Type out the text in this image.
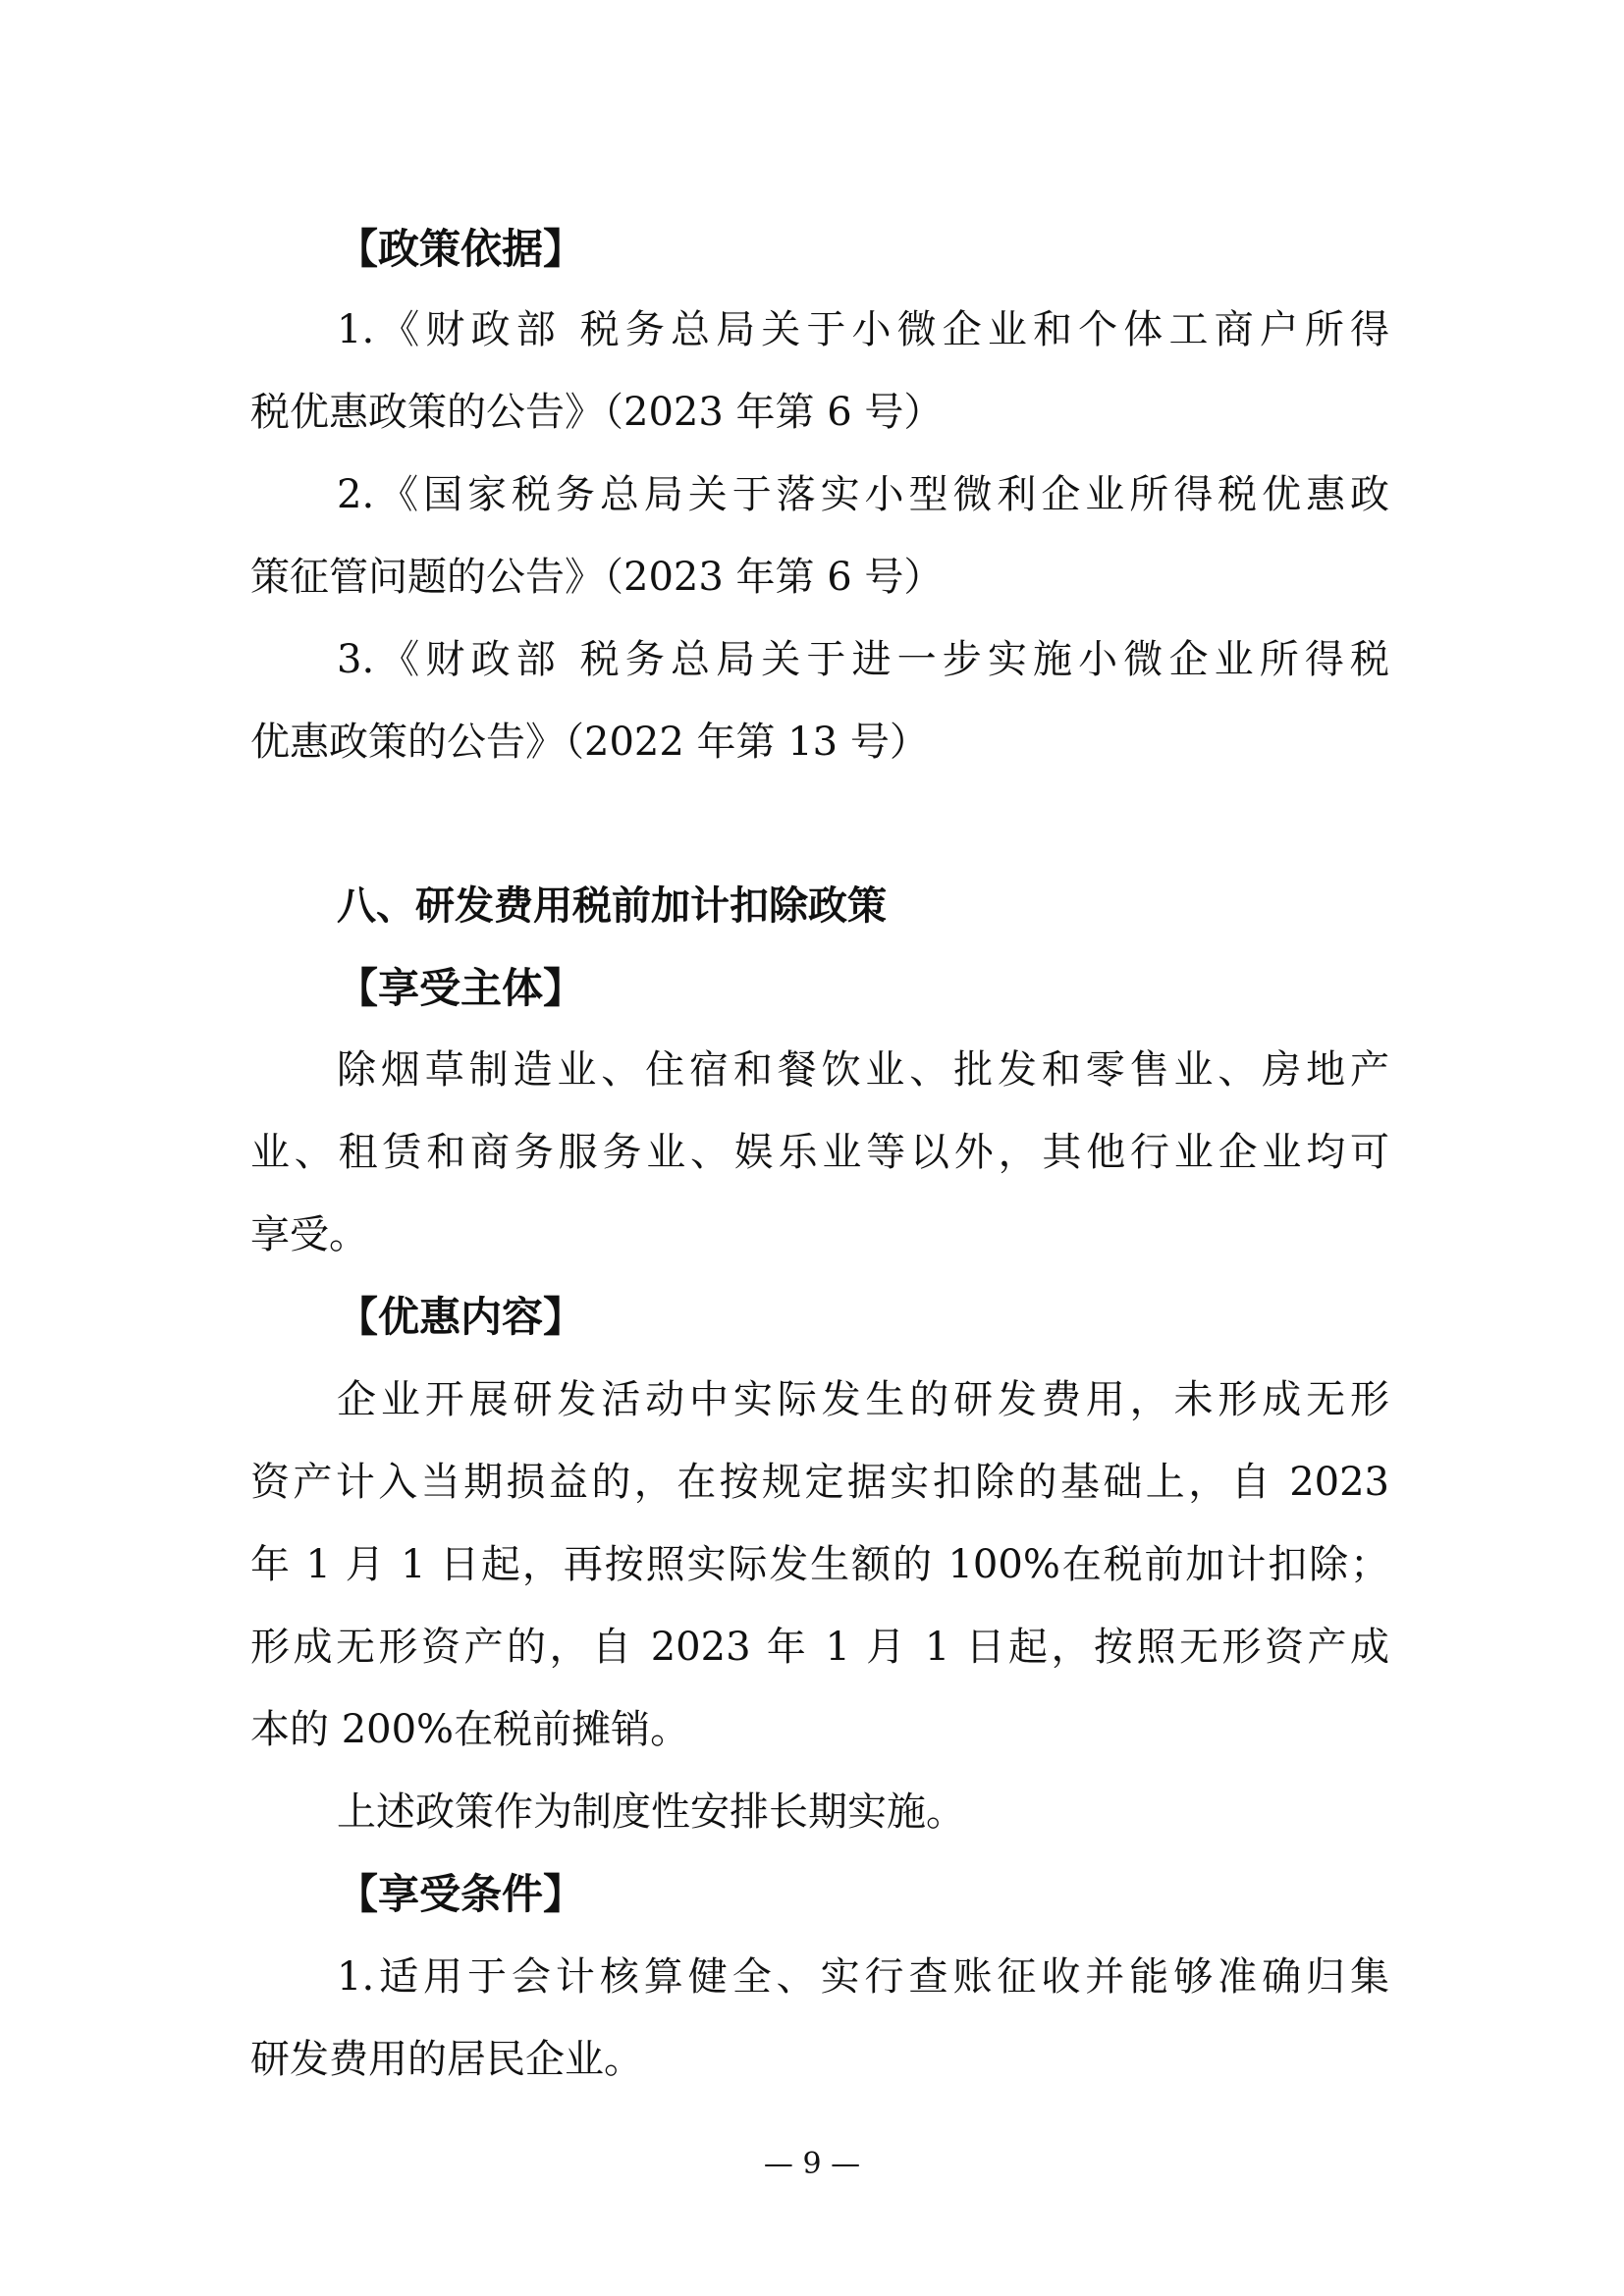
【政策依据】
1.《财政部 税务总局关于小微企业和个体工商户所得
税优惠政策的公告》（2023 年第 6 号）
2.《国家税务总局关于落实小型微利企业所得税优惠政
策征管问题的公告》（2023 年第 6 号）
3.《财政部 税务总局关于进一步实施小微企业所得税
优惠政策的公告》（2022 年第 13 号）
八、研发费用税前加计扣除政策
【享受主体】
除烟草制造业、住宿和餐饮业、批发和零售业、房地产
业、租赁和商务服务业、娱乐业等以外，其他行业企业均可
享受。
【优惠内容】
企业开展研发活动中实际发生的研发费用，未形成无形
资产计入当期损益的，在按规定据实扣除的基础上，自 2023
年 1 月 1 日起，再按照实际发生额的 100%在税前加计扣除；
形成无形资产的，自 2023 年 1 月 1 日起，按照无形资产成
本的 200%在税前摊销。
上述政策作为制度性安排长期实施。
【享受条件】
1.适用于会计核算健全、实行查账征收并能够准确归集
研发费用的居民企业。
— 9 —
